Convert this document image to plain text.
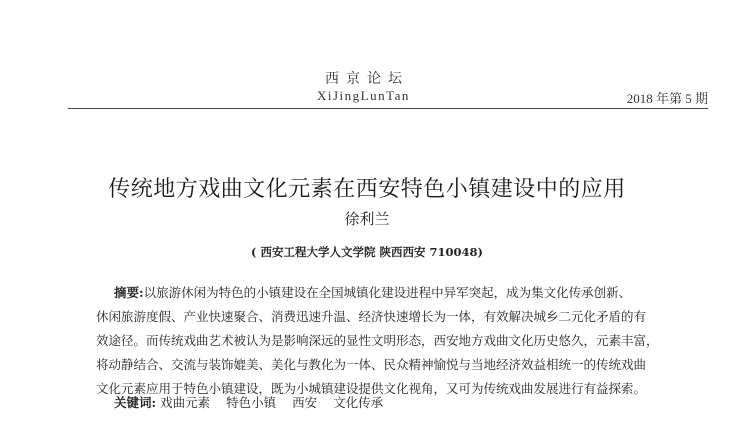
西京论坛
XiJingLunTan	2018 年第 5 期
传统地方戏曲文化元素在西安特色小镇建设中的应用
徐利兰
( 西安工程大学人文学院 陕西西安 710048)
摘要:以旅游休闲为特色的小镇建设在全国城镇化建设进程中异军突起，成为集文化传承创新、
休闲旅游度假、产业快速聚合、消费迅速升温、经济快速增长为一体，有效解决城乡二元化矛盾的有
效途径。而传统戏曲艺术被认为是影响深远的显性文明形态，西安地方戏曲文化历史悠久，元素丰富，
将动静结合、交流与装饰媲美、美化与教化为一体、民众精神愉悦与当地经济效益相统一的传统戏曲
文化元素应用于特色小镇建设，既为小城镇建设提供文化视角，又可为传统戏曲发展进行有益探索。
关键词: 戏曲元素 特色小镇 西安 文化传承
